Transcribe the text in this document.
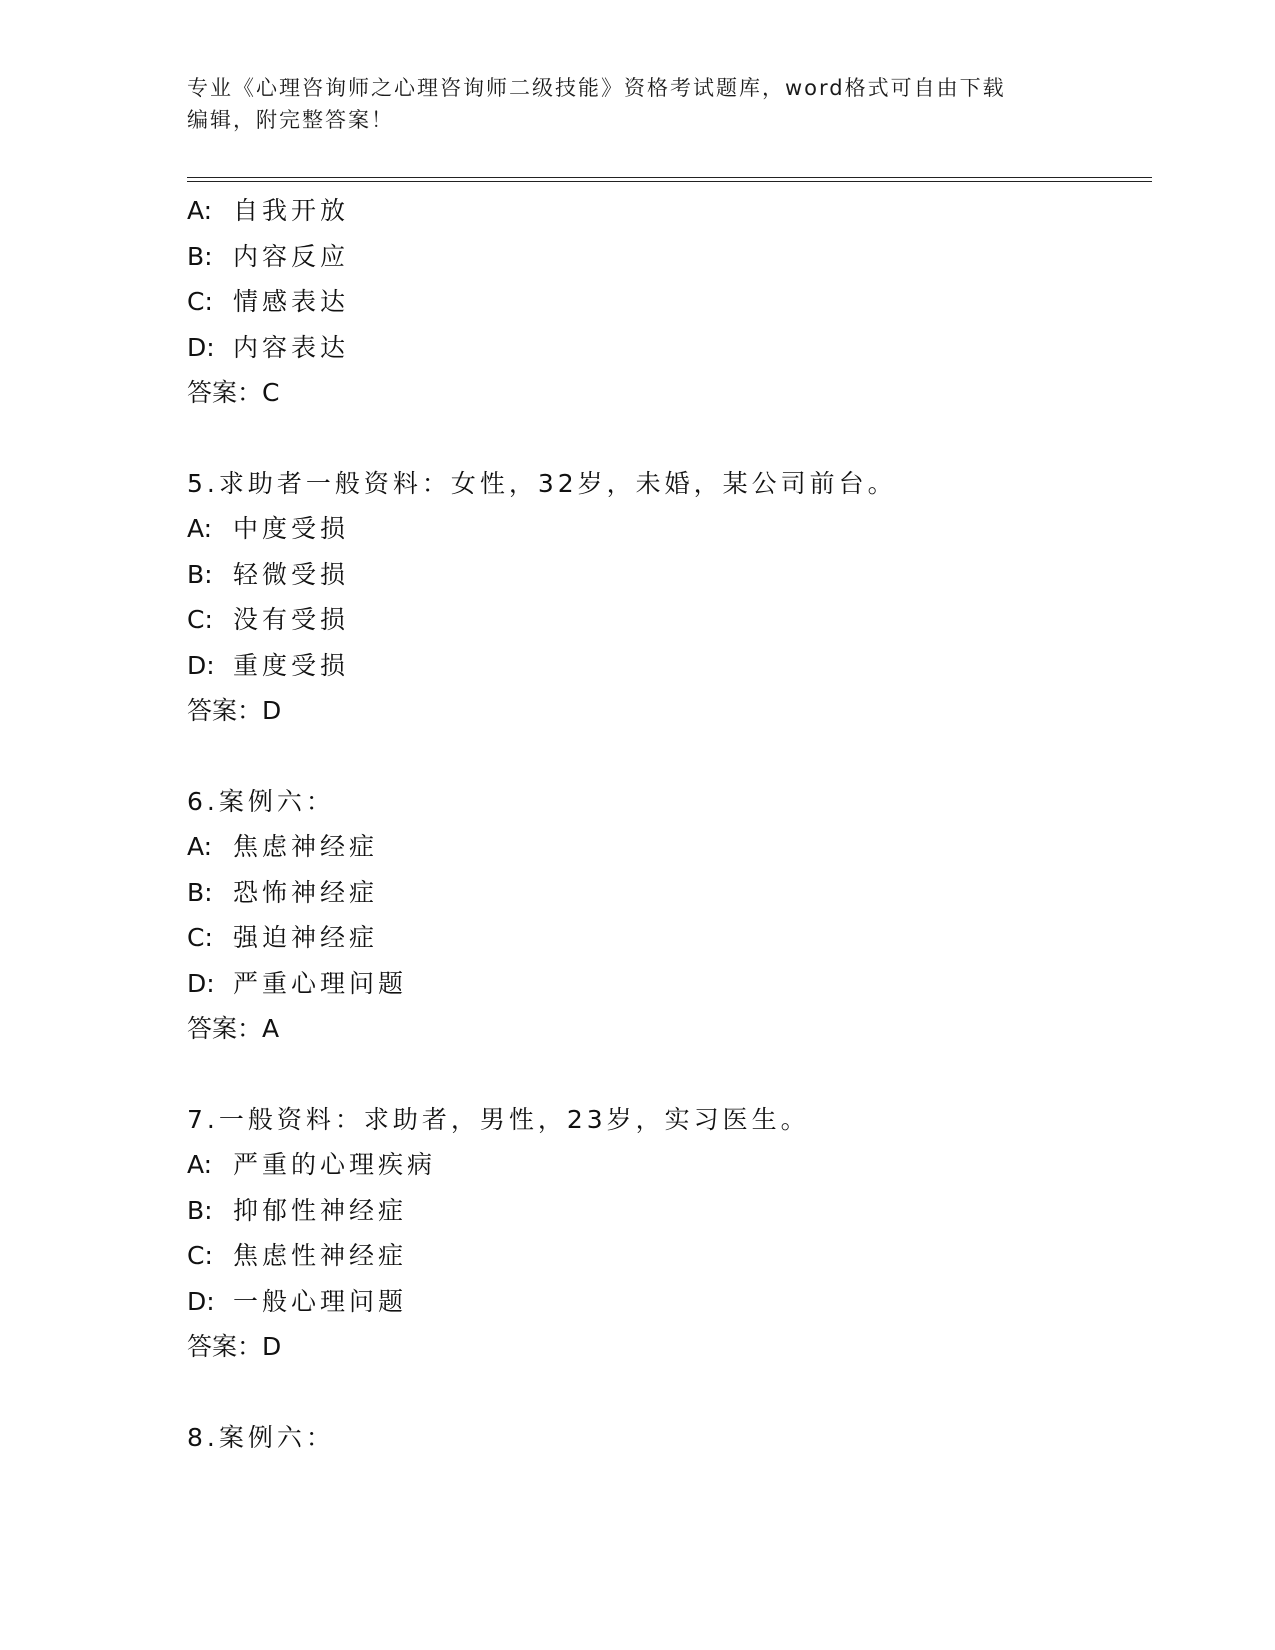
专业《心理咨询师之心理咨询师二级技能》资格考试题库，word格式可自由下载
编辑，附完整答案！
A: 自我开放
B: 内容反应
C: 情感表达
D: 内容表达
答案：C
5.求助者一般资料：女性，32岁，未婚，某公司前台。
A: 中度受损
B: 轻微受损
C: 没有受损
D: 重度受损
答案：D
6.案例六：
A: 焦虑神经症
B: 恐怖神经症
C: 强迫神经症
D: 严重心理问题
答案：A
7.一般资料：求助者，男性，23岁，实习医生。
A: 严重的心理疾病
B: 抑郁性神经症
C: 焦虑性神经症
D: 一般心理问题
答案：D
8.案例六：
